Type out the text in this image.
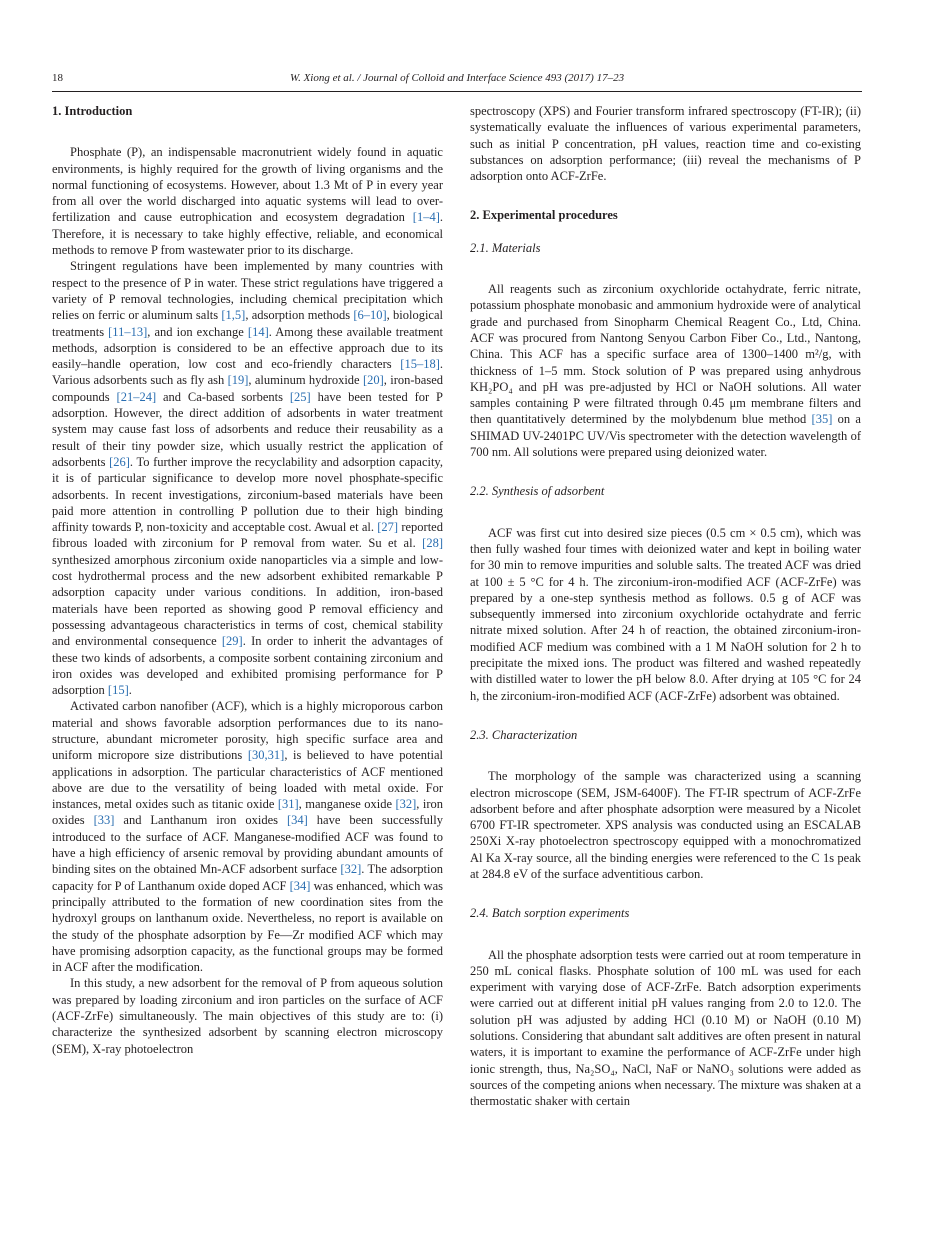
18	W. Xiong et al. / Journal of Colloid and Interface Science 493 (2017) 17–23
1. Introduction

Phosphate (P), an indispensable macronutrient widely found in aquatic environments, is highly required for the growth of living organisms and the normal functioning of ecosystems. However, about 1.3 Mt of P in every year from all over the world discharged into aquatic systems will lead to over-fertilization and cause eutrophication and ecosystem degradation [1–4]. Therefore, it is necessary to take highly effective, reliable, and economical methods to remove P from wastewater prior to its discharge.

Stringent regulations have been implemented by many countries with respect to the presence of P in water. These strict regulations have triggered a variety of P removal technologies, including chemical precipitation which relies on ferric or aluminum salts [1,5], adsorption methods [6–10], biological treatments [11–13], and ion exchange [14]. Among these available treatment methods, adsorption is considered to be an effective approach due to its easily–handle operation, low cost and eco-friendly characters [15–18]. Various adsorbents such as fly ash [19], aluminum hydroxide [20], iron-based compounds [21–24] and Ca-based sorbents [25] have been tested for P adsorption. However, the direct addition of adsorbents in water treatment system may cause fast loss of adsorbents and reduce their reusability as a result of their tiny powder size, which usually restrict the application of adsorbents [26]. To further improve the recyclability and adsorption capacity, it is of particular significance to develop more novel phosphate-specific adsorbents. In recent investigations, zirconium-based materials have been paid more attention in controlling P pollution due to their high binding affinity towards P, non-toxicity and acceptable cost. Awual et al. [27] reported fibrous loaded with zirconium for P removal from water. Su et al. [28] synthesized amorphous zirconium oxide nanoparticles via a simple and low-cost hydrothermal process and the new adsorbent exhibited remarkable P adsorption capacity under various conditions. In addition, iron-based materials have been reported as showing good P removal efficiency and possessing advantageous characteristics in terms of cost, chemical stability and environmental consequence [29]. In order to inherit the advantages of these two kinds of adsorbents, a composite sorbent containing zirconium and iron oxides was developed and exhibited promising performance for P adsorption [15].

Activated carbon nanofiber (ACF), which is a highly microporous carbon material and shows favorable adsorption performances due to its nano-structure, abundant micrometer porosity, high specific surface area and uniform micropore size distributions [30,31], is believed to have potential applications in adsorption. The particular characteristics of ACF mentioned above are due to the versatility of being loaded with metal oxide. For instances, metal oxides such as titanic oxide [31], manganese oxide [32], iron oxides [33] and Lanthanum iron oxides [34] have been successfully introduced to the surface of ACF. Manganese-modified ACF was found to have a high efficiency of arsenic removal by providing abundant amounts of binding sites on the obtained Mn-ACF adsorbent surface [32]. The adsorption capacity for P of Lanthanum oxide doped ACF [34] was enhanced, which was principally attributed to the formation of new coordination sites from the hydroxyl groups on lanthanum oxide. Nevertheless, no report is available on the study of the phosphate adsorption by Fe—Zr modified ACF which may have promising adsorption capacity, as the functional groups may be formed in ACF after the modification.

In this study, a new adsorbent for the removal of P from aqueous solution was prepared by loading zirconium and iron particles on the surface of ACF (ACF-ZrFe) simultaneously. The main objectives of this study are to: (i) characterize the synthesized adsorbent by scanning electron microscopy (SEM), X-ray photoelectron

spectroscopy (XPS) and Fourier transform infrared spectroscopy (FT-IR); (ii) systematically evaluate the influences of various experimental parameters, such as initial P concentration, pH values, reaction time and co-existing substances on adsorption performance; (iii) reveal the mechanisms of P adsorption onto ACF-ZrFe.

2. Experimental procedures
2.1. Materials

All reagents such as zirconium oxychloride octahydrate, ferric nitrate, potassium phosphate monobasic and ammonium hydroxide were of analytical grade and purchased from Sinopharm Chemical Reagent Co., Ltd, China. ACF was procured from Nantong Senyou Carbon Fiber Co., Ltd., Nantong, China. This ACF has a specific surface area of 1300–1400 m²/g, with thickness of 1–5 mm. Stock solution of P was prepared using anhydrous KH₂PO₄ and pH was pre-adjusted by HCl or NaOH solutions. All water samples containing P were filtrated through 0.45 μm membrane filters and then quantitatively determined by the molybdenum blue method [35] on a SHIMAD UV-2401PC UV/Vis spectrometer with the detection wavelength of 700 nm. All solutions were prepared using deionized water.

2.2. Synthesis of adsorbent

ACF was first cut into desired size pieces (0.5 cm × 0.5 cm), which was then fully washed four times with deionized water and kept in boiling water for 30 min to remove impurities and soluble salts. The treated ACF was dried at 100 ± 5 °C for 4 h. The zirconium-iron-modified ACF (ACF-ZrFe) was prepared by a one-step synthesis method as follows. 0.5 g of ACF was subsequently immersed into zirconium oxychloride octahydrate and ferric nitrate mixed solution. After 24 h of reaction, the obtained zirconium-iron-modified ACF medium was combined with a 1 M NaOH solution for 2 h to precipitate the mixed ions. The product was filtered and washed repeatedly with distilled water to lower the pH below 8.0. After drying at 105 °C for 24 h, the zirconium-iron-modified ACF (ACF-ZrFe) adsorbent was obtained.

2.3. Characterization

The morphology of the sample was characterized using a scanning electron microscope (SEM, JSM-6400F). The FT-IR spectrum of ACF-ZrFe adsorbent before and after phosphate adsorption were measured by a Nicolet 6700 FT-IR spectrometer. XPS analysis was conducted using an ESCALAB 250Xi X-ray photoelectron spectroscopy equipped with a monochromatized Al Ka X-ray source, all the binding energies were referenced to the C 1s peak at 284.8 eV of the surface adventitious carbon.

2.4. Batch sorption experiments

All the phosphate adsorption tests were carried out at room temperature in 250 mL conical flasks. Phosphate solution of 100 mL was used for each experiment with varying dose of ACF-ZrFe. Batch adsorption experiments were carried out at different initial pH values ranging from 2.0 to 12.0. The solution pH was adjusted by adding HCl (0.10 M) or NaOH (0.10 M) solutions. Considering that abundant salt additives are often present in natural waters, it is important to examine the performance of ACF-ZrFe under high ionic strength, thus, Na₂SO₄, NaCl, NaF or NaNO₃ solutions were added as sources of the competing anions when necessary. The mixture was shaken at a thermostatic shaker with certain
